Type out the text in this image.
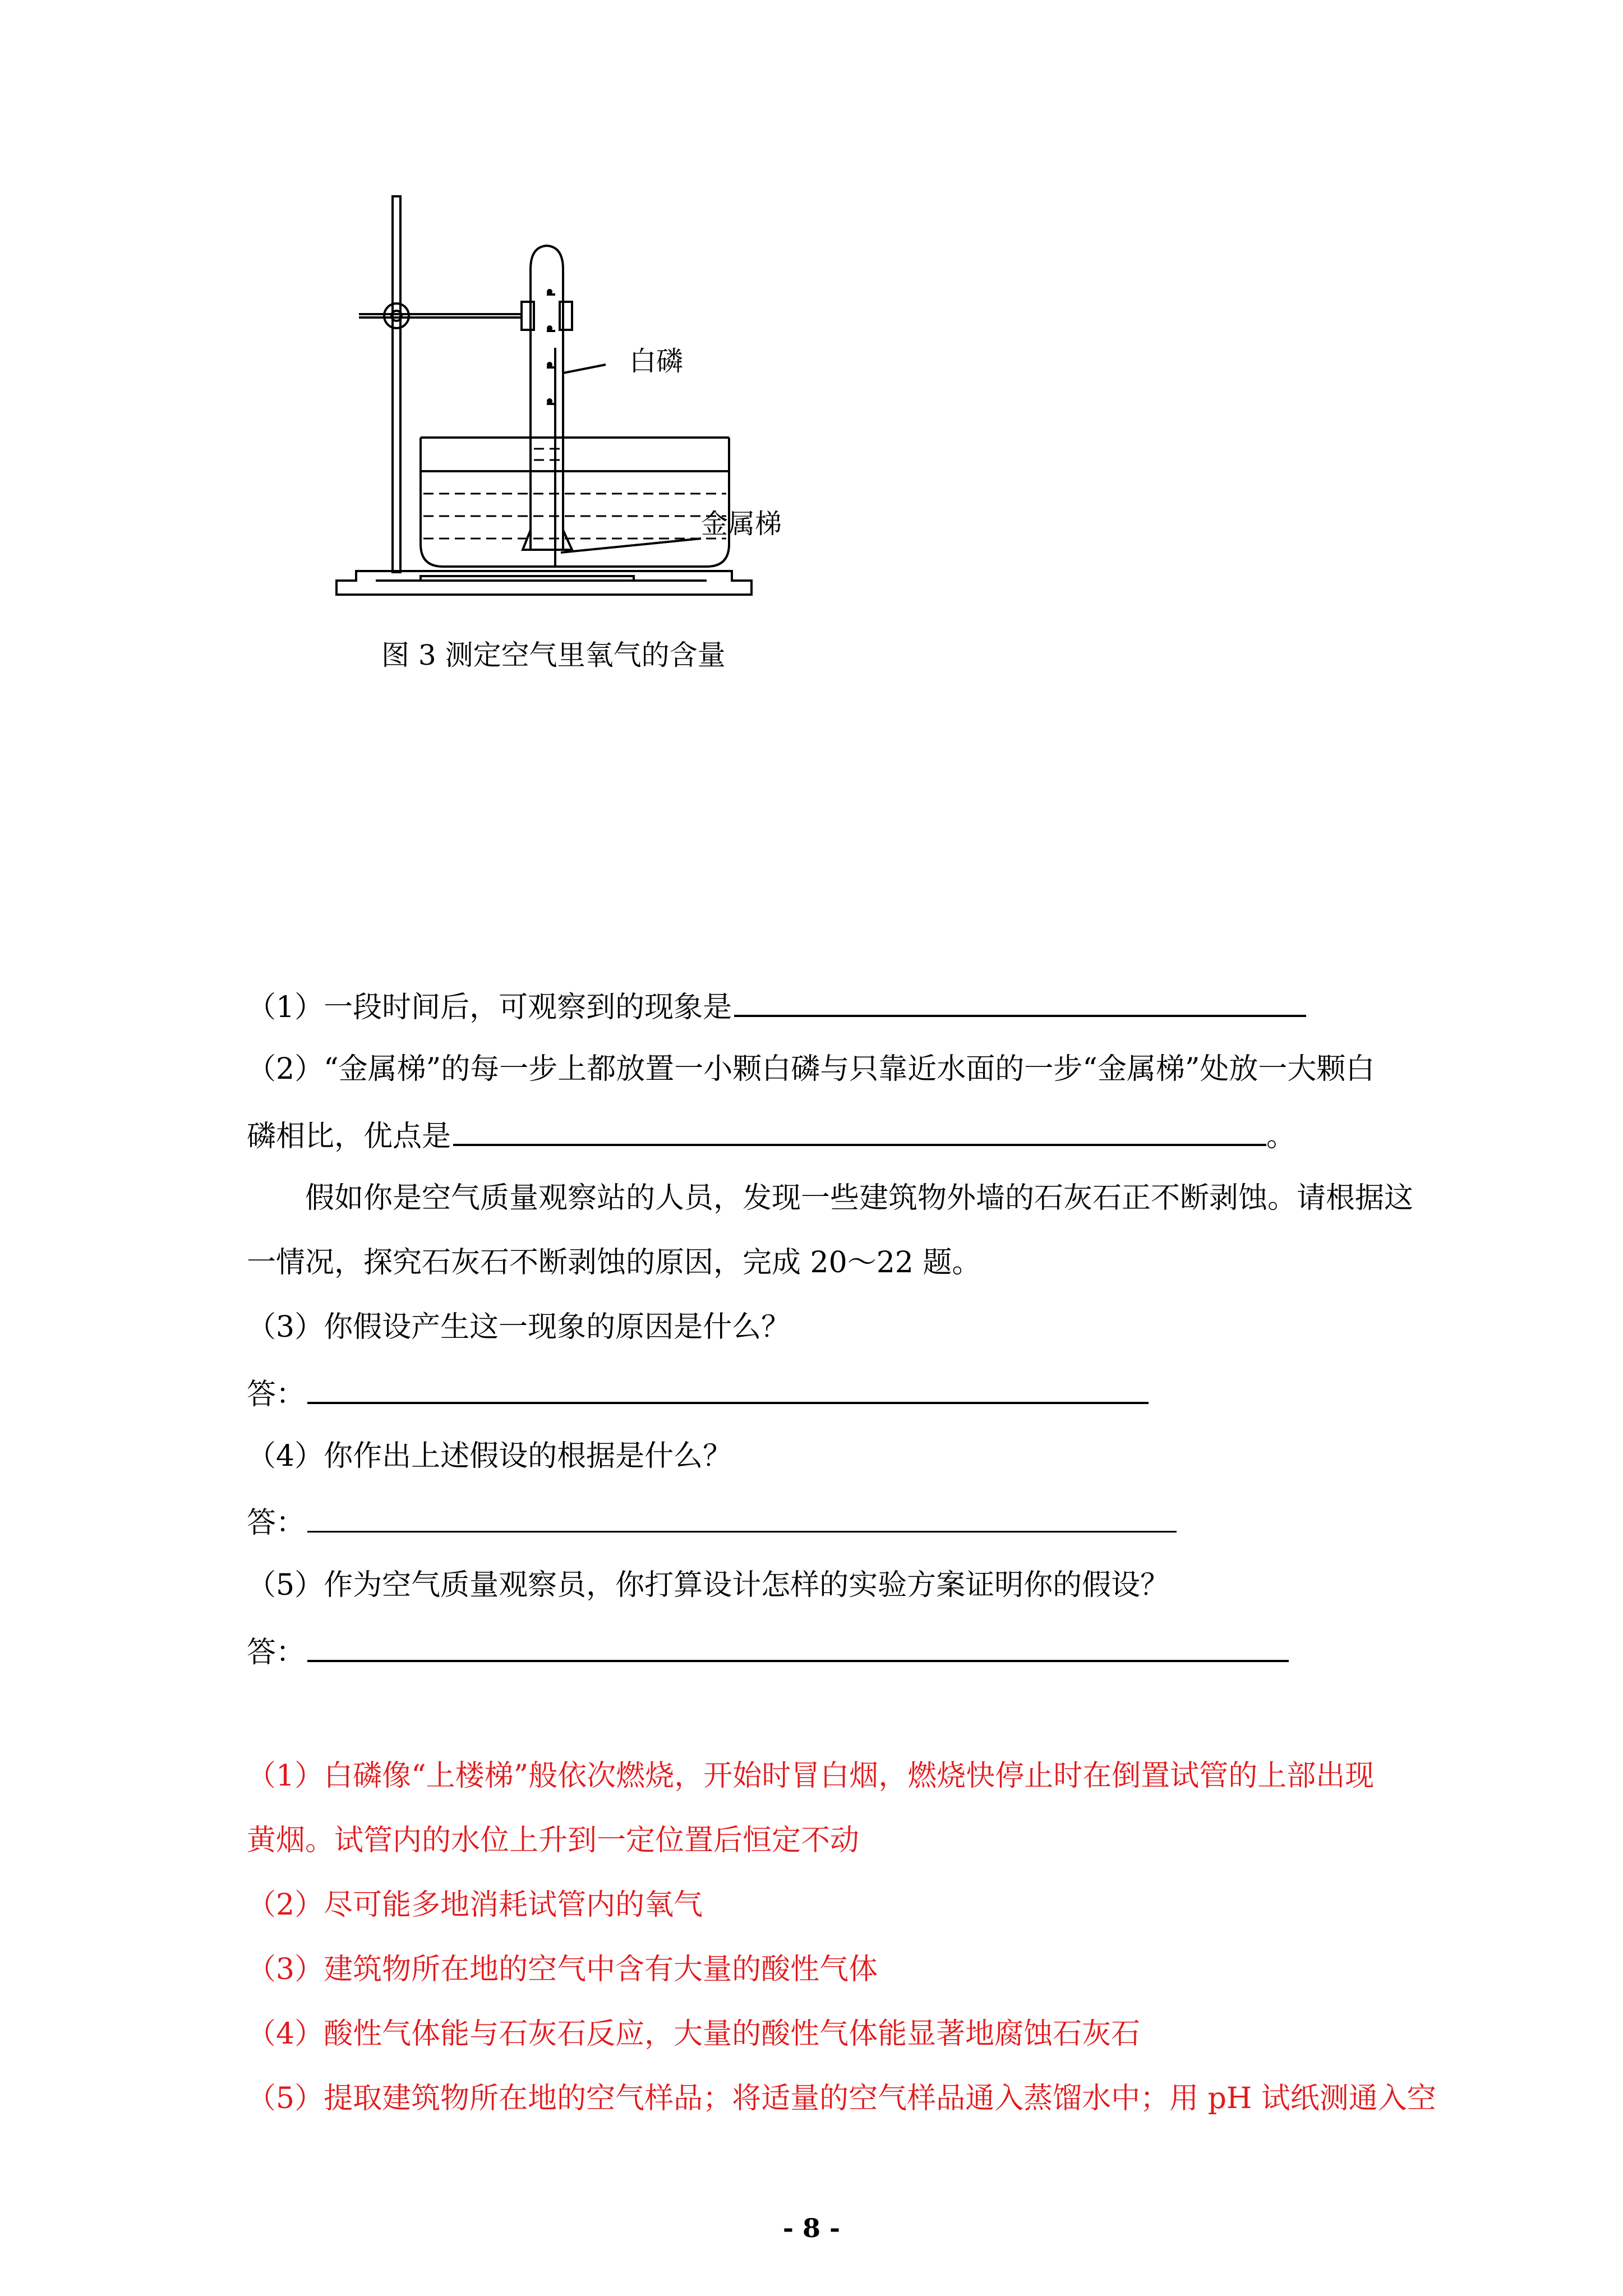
白磷
金属梯
图 3 测定空气里氧气的含量
（1）一段时间后，可观察到的现象是
（2）“金属梯”的每一步上都放置一小颗白磷与只靠近水面的一步“金属梯”处放一大颗白
磷相比，优点是	。
假如你是空气质量观察站的人员，发现一些建筑物外墙的石灰石正不断剥蚀。请根据这
一情况，探究石灰石不断剥蚀的原因，完成 20～22 题。
（3）你假设产生这一现象的原因是什么？
答：
（4）你作出上述假设的根据是什么？
答：
（5）作为空气质量观察员，你打算设计怎样的实验方案证明你的假设？
答：
（1）白磷像“上楼梯”般依次燃烧，开始时冒白烟，燃烧快停止时在倒置试管的上部出现
黄烟。试管内的水位上升到一定位置后恒定不动
（2）尽可能多地消耗试管内的氧气
（3）建筑物所在地的空气中含有大量的酸性气体
（4）酸性气体能与石灰石反应，大量的酸性气体能显著地腐蚀石灰石
（5）提取建筑物所在地的空气样品；将适量的空气样品通入蒸馏水中；用 pH 试纸测通入空
- 8 -
